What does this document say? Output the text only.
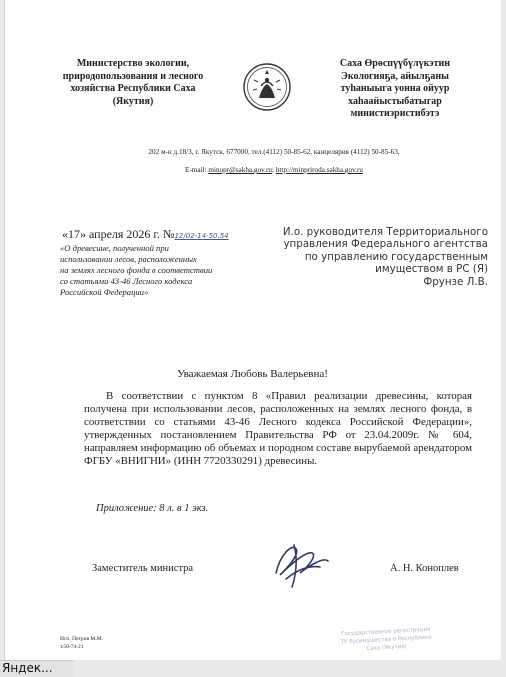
Министерство экологии,
природопользования и лесного
хозяйства Республики Саха
(Якутия)
Саха Өрөспүүбүлүкэтин
Экологияҕа, айылҕаны
туһаныыга уонна ойуур
хаһаайыстыбатыгар
министиэристибэтэ
202 м-н д.18/3, г. Якутск, 677000, тел.(4112) 50-85-62, канцелярия (4112) 50-85-63,
E-mail: minopr@sakha.gov.ru; http://minpriroda.sakha.gov.ru
«17» апреля 2026 г. №12/02-14-50.54	И.о. руководителя Территориального
управления Федерального агентства
по управлению государственным
имуществом в РС (Я)
Фрунзе Л.В.
«О древесине, полученной при
использовании лесов, расположенных
на землях лесного фонда в соответствии
со статьями 43-46 Лесного кодекса
Российской Федерации»
Уважаемая Любовь Валерьевна!

В соответствии с пунктом 8 «Правил реализации древесины, которая получена при использовании лесов, расположенных на землях лесного фонда, в соответствии со статьями 43-46 Лесного кодекса Российской Федерации», утвержденных постановлением Правительства РФ от 23.04.2009г. № 604, направляем информацию об объемах и породном составе вырубаемой арендатором ФГБУ «ВНИГНИ» (ИНН 7720330291) древесины.

Приложение: 8 л. в 1 экз.
Заместитель министра	А. Н. Коноплев
Исп. Петров М.М.
т.50-74-21
Государственное регистрация
ТУ Росимущества в Республике
Саха (Якутия)
Яндек...
